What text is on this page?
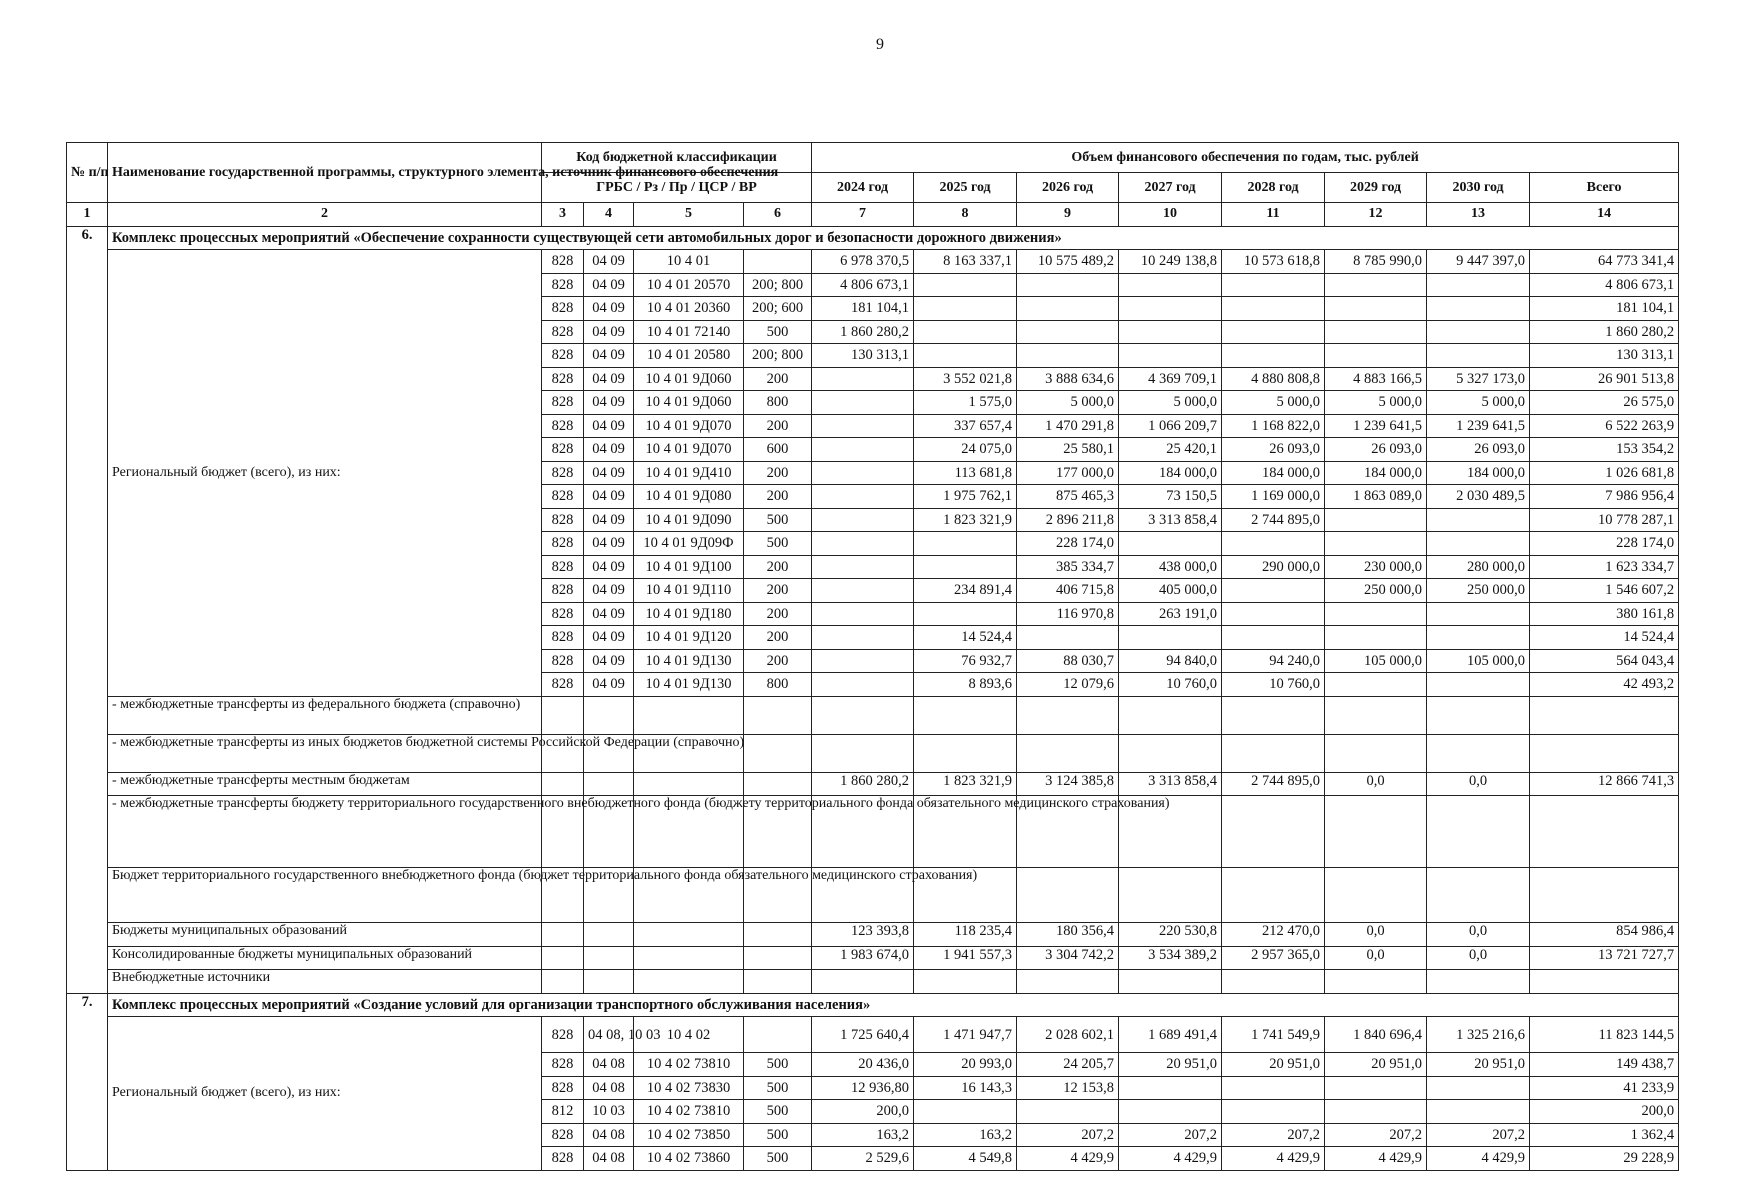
9
№ п/п	Наименование государственной программы, структурного элемента, источник финансового обеспечения	Код бюджетной классификации				Объем финансового обеспечения по годам, тыс. рублей							
		ГРБС / Рз / Пр / ЦСР / ВР				2024 год	2025 год	2026 год	2027 год	2028 год	2029 год	2030 год	Всего
1	2	3	4	5	6	7	8	9	10	11	12	13	14
6.	Комплекс процессных мероприятий «Обеспечение сохранности существующей сети автомобильных дорог и безопасности дорожного движения»												
	Региональный бюджет (всего), из них:	828	04 09	10 4 01		6 978 370,5	8 163 337,1	10 575 489,2	10 249 138,8	10 573 618,8	8 785 990,0	9 447 397,0	64 773 341,4
		828	04 09	10 4 01 20570	200; 800	4 806 673,1							4 806 673,1
		828	04 09	10 4 01 20360	200; 600	181 104,1							181 104,1
		828	04 09	10 4 01 72140	500	1 860 280,2							1 860 280,2
		828	04 09	10 4 01 20580	200; 800	130 313,1							130 313,1
		828	04 09	10 4 01 9Д060	200		3 552 021,8	3 888 634,6	4 369 709,1	4 880 808,8	4 883 166,5	5 327 173,0	26 901 513,8
		828	04 09	10 4 01 9Д060	800		1 575,0	5 000,0	5 000,0	5 000,0	5 000,0	5 000,0	26 575,0
		828	04 09	10 4 01 9Д070	200		337 657,4	1 470 291,8	1 066 209,7	1 168 822,0	1 239 641,5	1 239 641,5	6 522 263,9
		828	04 09	10 4 01 9Д070	600		24 075,0	25 580,1	25 420,1	26 093,0	26 093,0	26 093,0	153 354,2
		828	04 09	10 4 01 9Д410	200		113 681,8	177 000,0	184 000,0	184 000,0	184 000,0	184 000,0	1 026 681,8
		828	04 09	10 4 01 9Д080	200		1 975 762,1	875 465,3	73 150,5	1 169 000,0	1 863 089,0	2 030 489,5	7 986 956,4
		828	04 09	10 4 01 9Д090	500		1 823 321,9	2 896 211,8	3 313 858,4	2 744 895,0			10 778 287,1
		828	04 09	10 4 01 9Д09Ф	500			228 174,0					228 174,0
		828	04 09	10 4 01 9Д100	200			385 334,7	438 000,0	290 000,0	230 000,0	280 000,0	1 623 334,7
		828	04 09	10 4 01 9Д110	200		234 891,4	406 715,8	405 000,0		250 000,0	250 000,0	1 546 607,2
		828	04 09	10 4 01 9Д180	200			116 970,8	263 191,0				380 161,8
		828	04 09	10 4 01 9Д120	200		14 524,4						14 524,4
		828	04 09	10 4 01 9Д130	200		76 932,7	88 030,7	94 840,0	94 240,0	105 000,0	105 000,0	564 043,4
		828	04 09	10 4 01 9Д130	800		8 893,6	12 079,6	10 760,0	10 760,0			42 493,2
	- межбюджетные трансферты из федерального бюджета (справочно)												
	- межбюджетные трансферты из иных бюджетов бюджетной системы Российской Федерации (справочно)												
	- межбюджетные трансферты местным бюджетам					1 860 280,2	1 823 321,9	3 124 385,8	3 313 858,4	2 744 895,0	0,0	0,0	12 866 741,3
	- межбюджетные трансферты бюджету территориального государственного внебюджетного фонда (бюджету территориального фонда обязательного медицинского страхования)												
	Бюджет территориального государственного внебюджетного фонда (бюджет территориального фонда обязательного медицинского страхования)												
	Бюджеты муниципальных образований					123 393,8	118 235,4	180 356,4	220 530,8	212 470,0	0,0	0,0	854 986,4
	Консолидированные бюджеты муниципальных образований					1 983 674,0	1 941 557,3	3 304 742,2	3 534 389,2	2 957 365,0	0,0	0,0	13 721 727,7
	Внебюджетные источники												
7.	Комплекс процессных мероприятий «Создание условий для организации транспортного обслуживания населения»												
	Региональный бюджет (всего), из них:	828	04 08, 10 03	10 4 02		1 725 640,4	1 471 947,7	2 028 602,1	1 689 491,4	1 741 549,9	1 840 696,4	1 325 216,6	11 823 144,5
		828	04 08	10 4 02 73810	500	20 436,0	20 993,0	24 205,7	20 951,0	20 951,0	20 951,0	20 951,0	149 438,7
		828	04 08	10 4 02 73830	500	12 936,80	16 143,3	12 153,8					41 233,9
		812	10 03	10 4 02 73810	500	200,0							200,0
		828	04 08	10 4 02 73850	500	163,2	163,2	207,2	207,2	207,2	207,2	207,2	1 362,4
		828	04 08	10 4 02 73860	500	2 529,6	4 549,8	4 429,9	4 429,9	4 429,9	4 429,9	4 429,9	29 228,9
